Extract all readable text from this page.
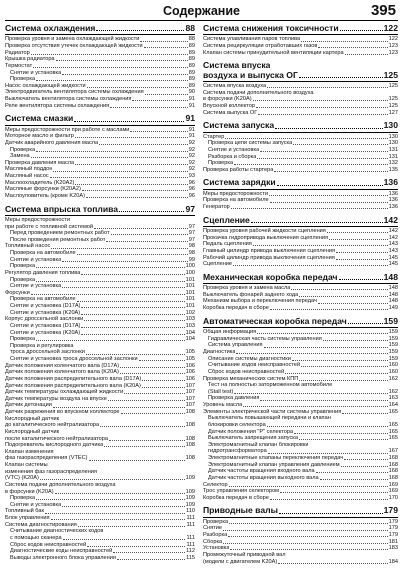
Содержание	395
Система охлаждения	88
Проверка уровня и замена охлаждающей жидкости	88
Проверка отсутствия утечек охлаждающей жидкости	89
Радиатор	89
Крышка радиатора	89
Термостат	89
Снятие и установка	89
Проверка	89
Насос охлаждающей жидкости	89
Электродвигатель вентилятора системы охлаждения	90
Выключатель вентилятора системы охлаждения	91
Реле вентилятора системы охлаждения	91
Система смазки	91
Меры предосторожности при работе с маслами	91
Моторное масло и фильтр	91
Датчик аварийного давления масла	92
Проверка	92
Замена	92
Проверка давления масла	92
Масляный поддон	92
Масляный насос	93
Маслоохладитель (K20A2)	96
Масляные форсунки (K20A2)	96
Маслоуловитель (кроме K20A)	96
Система впрыска топлива	97
Меры предосторожности
при работе с топливной системой	97
Перед проведением ремонтных работ	97
После проведения ремонтных работ	97
Топливный насос	98
Проверка на автомобиле	98
Снятие и установка	99
Проверка	100
Регулятор давления топлива	100
Проверка	101
Снятие и установка	101
Форсунки	101
Проверка на автомобиле	101
Снятие и установка (D17A)	101
Снятие и установка (K20A)	102
Корпус дроссельной заслонки	103
Снятие и установка (D17A)	103
Снятие и установка (K20A)	104
Проверка	104
Проверка и регулировка
троса дроссельной заслонки	105
Снятие и установка троса дроссельной заслонки	105
Датчик положения коленчатого вала (D17A)	106
Датчик положения коленчатого вала (K20A)	106
Датчик положения распределительного вала (D17A)	106
Датчик положения распределительного вала (K20A)	107
Датчик температуры охлаждающей жидкости	107
Датчик температуры воздуха на впуске	107
Датчик детонации	107
Датчик разрежения во впускном коллекторе	108
Кислородный датчик
до каталитического нейтрализатора	108
Кислородный датчик
после каталитического нейтрализатора	108
Подогреватель кислородного датчика	108
Клапан изменения
фаз газораспределения (VTEC)	108
Клапан системы
изменения фаз газораспределения
(VTC) (K20A)	109
Система подачи дополнительного воздуха
в форсунки (K20A)	109
Проверка	109
Снятие и установка	109
Топливный бак	110
Блок управления	111
Система диагностирования	111
Считывание диагностических кодов
с помощью сканера	111
Сброс кодов неисправностей	111
Диагностические коды неисправностей	112
Выводы электронного блока управления	115
Система снижения токсичности	122
Система улавливания паров топлива	122
Система рециркуляции отработавших газов	123
Клапан системы принудительной вентиляции картера	123
Система впуска
воздуха и выпуска ОГ	125
Система впуска воздуха	125
Система подачи дополнительного воздуха
в форсунки (K20A)	125
Впускной коллектор	125
Система выпуска ОГ	127
Система запуска	130
Стартер	130
Проверка цепи системы запуска	130
Снятие и установка	131
Разборка и сборка	131
Проверка	132
Проверка работы стартера	135
Система зарядки	136
Меры предосторожности	136
Проверка на автомобиле	136
Генератор	136
Сцепление	142
Проверка уровня рабочей жидкости сцепления	142
Прокачка гидропривода выключения сцепления	142
Педаль сцепления	143
Главный цилиндр привода выключения сцепления	143
Рабочий цилиндр привода выключения сцепления	145
Сцепление	145
Механическая коробка передач	148
Проверка уровня и замена масла	148
Выключатель фонарей заднего хода	148
Механизм выбора и переключения передач	148
Коробка передач в сборе	149
Автоматическая коробка передач	159
Общая информация	159
Гидравлическая часть системы управления	159
Система управления	159
Диагностика	159
Описание системы диагностики	159
Считывание кодов неисправностей	160
Сброс кодов неисправностей	160
Проверка механических систем КПП	162
Тест на полностью заторможенном автомобиле
(Stall test)	162
Проверка давления	163
Уровень масла	164
Элементы электрической части системы управления	165
Выключатель повышающей передачи и клапан
блокировки селектора	165
Датчик положения "P" селектора	165
Выключатель запрещения запуска	165
Электромагнитный клапан блокировки
гидротрансформатора	167
Электромагнитные клапаны переключения передач	168
Электромагнитный клапан управления давлением	168
Датчик частоты вращения входного вала	168
Датчик частоты вращения выходного вала	168
Селектор	169
Трос управления селектором	169
Коробка передач в сборе	170
Приводные валы	179
Проверка	179
Снятие	179
Разборка	179
Сборка	181
Установка	183
Промежуточный приводной вал
(модели с двигателем K20A)	184
